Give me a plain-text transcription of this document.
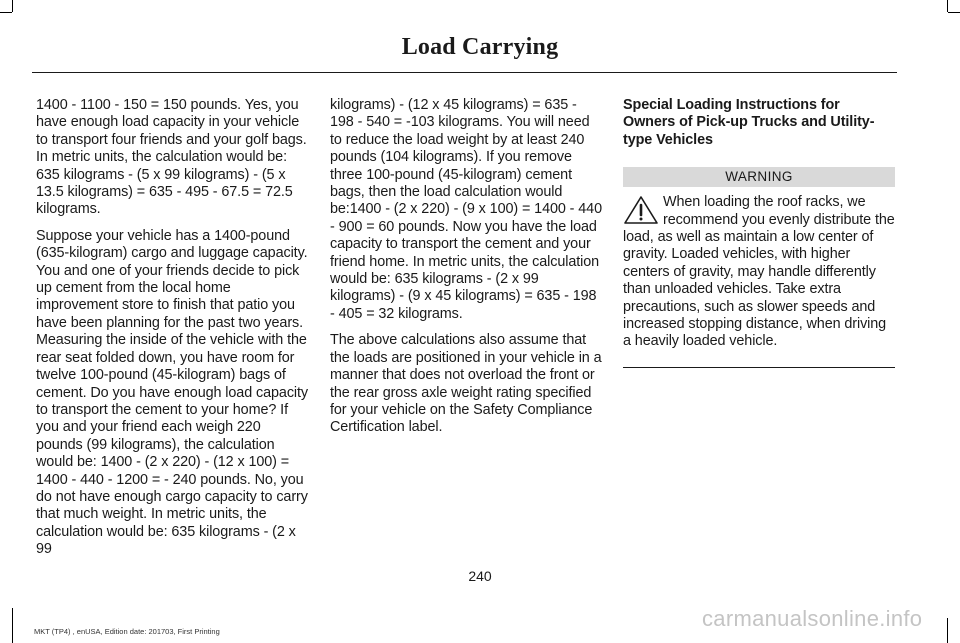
Load Carrying

1400 - 1100 - 150 = 150 pounds. Yes, you have enough load capacity in your vehicle to transport four friends and your golf bags. In metric units, the calculation would be: 635 kilograms - (5 x 99 kilograms) - (5 x 13.5 kilograms) = 635 - 495 - 67.5 = 72.5 kilograms.

Suppose your vehicle has a 1400-pound (635-kilogram) cargo and luggage capacity. You and one of your friends decide to pick up cement from the local home improvement store to finish that patio you have been planning for the past two years. Measuring the inside of the vehicle with the rear seat folded down, you have room for twelve 100-pound (45-kilogram) bags of cement. Do you have enough load capacity to transport the cement to your home? If you and your friend each weigh 220 pounds (99 kilograms), the calculation would be: 1400 - (2 x 220) - (12 x 100) = 1400 - 440 - 1200 = - 240 pounds. No, you do not have enough cargo capacity to carry that much weight. In metric units, the calculation would be: 635 kilograms - (2 x 99

kilograms) - (12 x 45 kilograms) = 635 - 198 - 540 = -103 kilograms. You will need to reduce the load weight by at least 240 pounds (104 kilograms). If you remove three 100-pound (45-kilogram) cement bags, then the load calculation would be:1400 - (2 x 220) - (9 x 100) = 1400 - 440 - 900 = 60 pounds. Now you have the load capacity to transport the cement and your friend home. In metric units, the calculation would be: 635 kilograms - (2 x 99 kilograms) - (9 x 45 kilograms) = 635 - 198 - 405 = 32 kilograms.

The above calculations also assume that the loads are positioned in your vehicle in a manner that does not overload the front or the rear gross axle weight rating specified for your vehicle on the Safety Compliance Certification label.

Special Loading Instructions for Owners of Pick-up Trucks and Utility-type Vehicles

WARNING

When loading the roof racks, we recommend you evenly distribute the load, as well as maintain a low center of gravity. Loaded vehicles, with higher centers of gravity, may handle differently than unloaded vehicles. Take extra precautions, such as slower speeds and increased stopping distance, when driving a heavily loaded vehicle.

240
MKT (TP4) , enUSA, Edition date: 201703, First Printing
carmanualsonline.info
